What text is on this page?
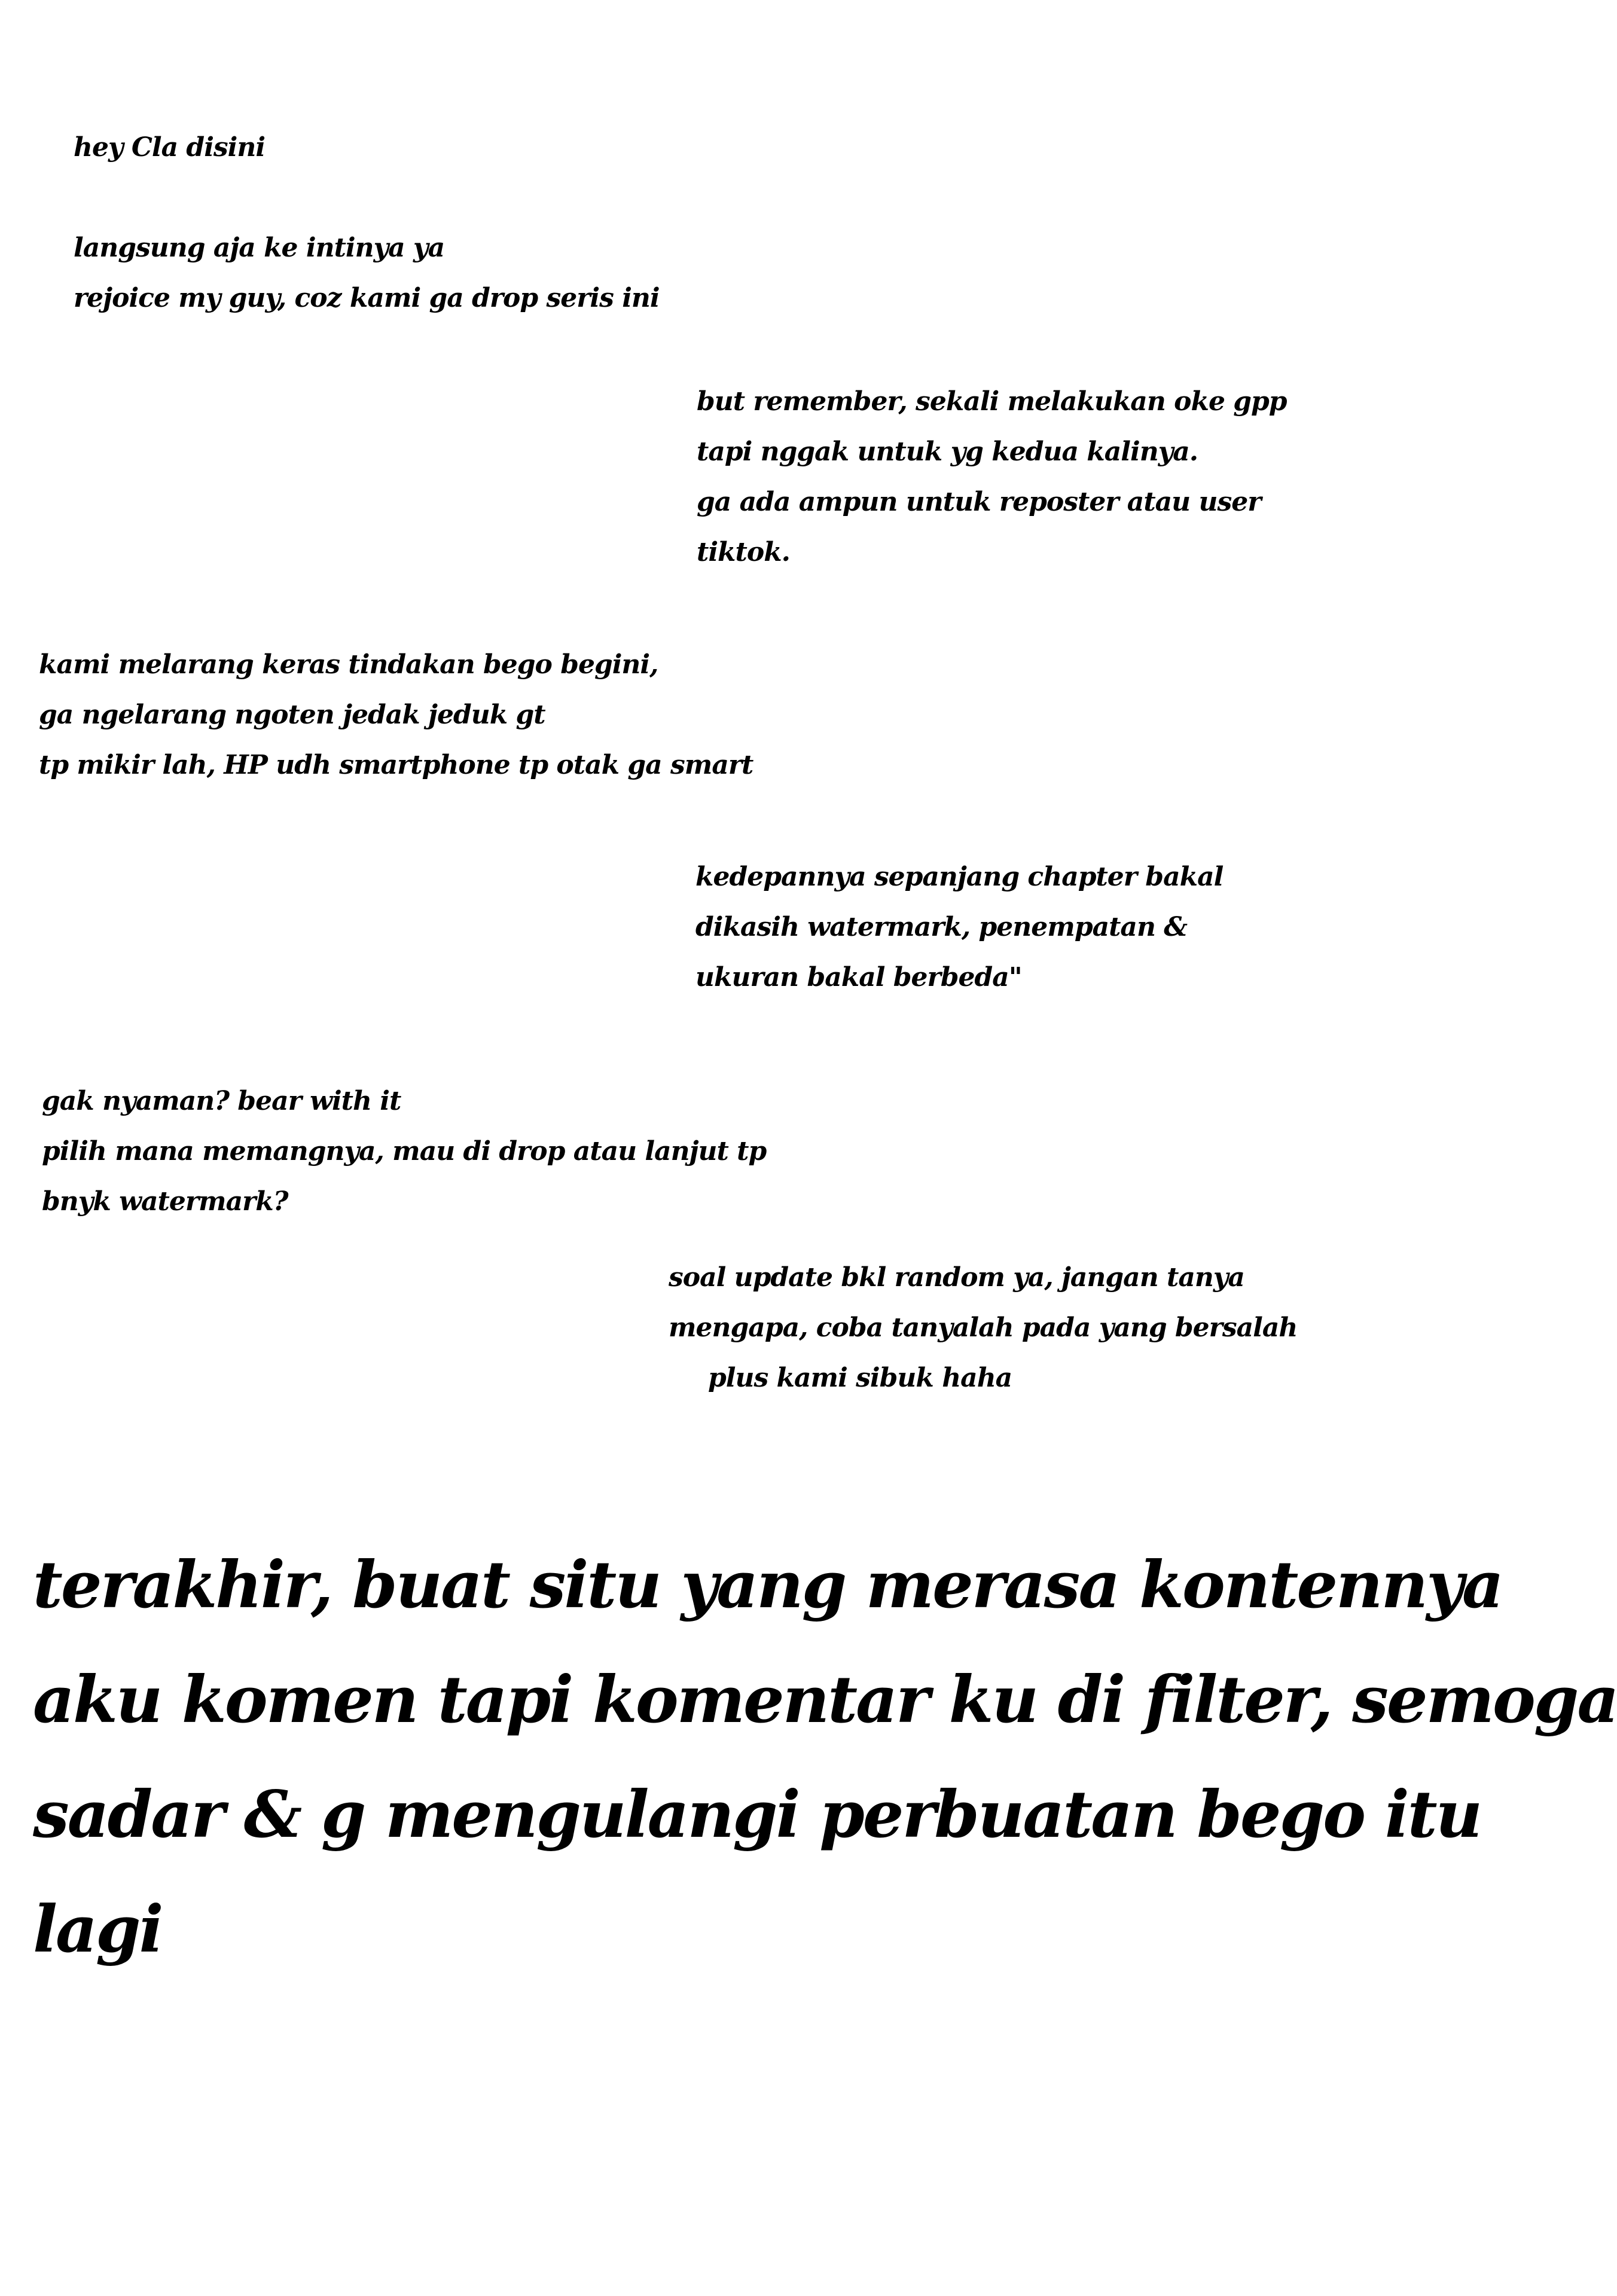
hey Cla disini

langsung aja ke intinya ya
rejoice my guy, coz kami ga drop seris ini

but remember, sekali melakukan oke gpp
tapi nggak untuk yg kedua kalinya.
ga ada ampun untuk reposter atau user
tiktok.

kami melarang keras tindakan bego begini,
ga ngelarang ngoten jedak jeduk gt
tp mikir lah, HP udh smartphone tp otak ga smart

kedepannya sepanjang chapter bakal
dikasih watermark, penempatan &
ukuran bakal berbeda"

gak nyaman? bear with it
pilih mana memangnya, mau di drop atau lanjut tp
bnyk watermark?

soal update bkl random ya, jangan tanya
mengapa, coba tanyalah pada yang bersalah
plus kami sibuk haha

terakhir, buat situ yang merasa kontennya
aku komen tapi komentar ku di filter, semoga
sadar & g mengulangi perbuatan bego itu
lagi
